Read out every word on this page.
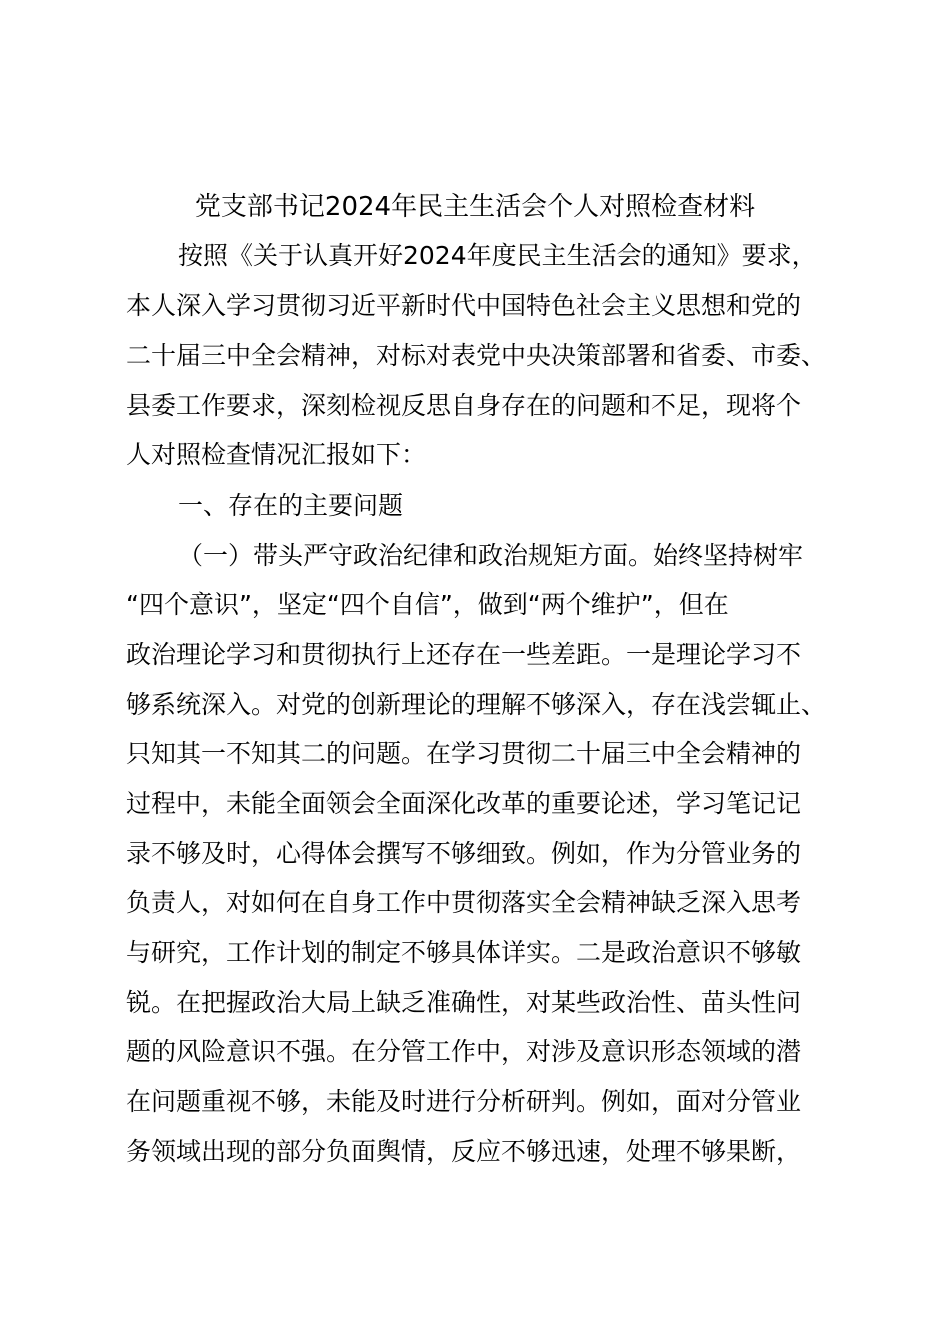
党支部书记2024年民主生活会个人对照检查材料
按照《关于认真开好2024年度民主生活会的通知》要求，
本人深入学习贯彻习近平新时代中国特色社会主义思想和党的
二十届三中全会精神，对标对表党中央决策部署和省委、市委、
县委工作要求，深刻检视反思自身存在的问题和不足，现将个
人对照检查情况汇报如下：
一、存在的主要问题
（一）带头严守政治纪律和政治规矩方面。始终坚持树牢
“四个意识”，坚定“四个自信”，做到“两个维护”，但在
政治理论学习和贯彻执行上还存在一些差距。一是理论学习不
够系统深入。对党的创新理论的理解不够深入，存在浅尝辄止、
只知其一不知其二的问题。在学习贯彻二十届三中全会精神的
过程中，未能全面领会全面深化改革的重要论述，学习笔记记
录不够及时，心得体会撰写不够细致。例如，作为分管业务的
负责人，对如何在自身工作中贯彻落实全会精神缺乏深入思考
与研究，工作计划的制定不够具体详实。二是政治意识不够敏
锐。在把握政治大局上缺乏准确性，对某些政治性、苗头性问
题的风险意识不强。在分管工作中，对涉及意识形态领域的潜
在问题重视不够，未能及时进行分析研判。例如，面对分管业
务领域出现的部分负面舆情，反应不够迅速，处理不够果断，
